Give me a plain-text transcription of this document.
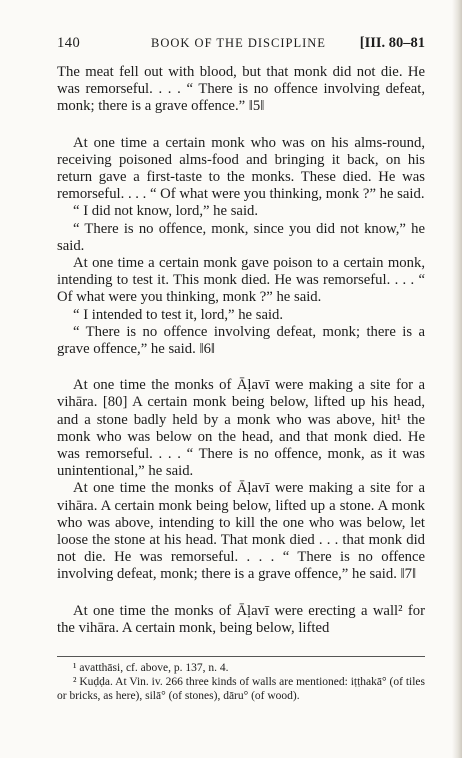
140	BOOK OF THE DISCIPLINE [III. 80–81

The meat fell out with blood, but that monk did not die. He was remorseful. . . . “ There is no offence involving defeat, monk; there is a grave offence.” ‖5‖

At one time a certain monk who was on his alms-round, receiving poisoned alms-food and bringing it back, on his return gave a first-taste to the monks. These died. He was remorseful. . . . “ Of what were you thinking, monk ?” he said.

“ I did not know, lord,” he said.

“ There is no offence, monk, since you did not know,” he said.

At one time a certain monk gave poison to a certain monk, intending to test it. This monk died. He was remorseful. . . . “ Of what were you thinking, monk ?” he said.

“ I intended to test it, lord,” he said.

“ There is no offence involving defeat, monk; there is a grave offence,” he said. ‖6‖

At one time the monks of Āḷavī were making a site for a vihāra. [80] A certain monk being below, lifted up his head, and a stone badly held by a monk who was above, hit¹ the monk who was below on the head, and that monk died. He was remorseful. . . . “ There is no offence, monk, as it was unintentional,” he said.

At one time the monks of Āḷavī were making a site for a vihāra. A certain monk being below, lifted up a stone. A monk who was above, intending to kill the one who was below, let loose the stone at his head. That monk died . . . that monk did not die. He was remorseful. . . . “ There is no offence involving defeat, monk; there is a grave offence,” he said. ‖7‖

At one time the monks of Āḷavī were erecting a wall² for the vihāra. A certain monk, being below, lifted

¹ avatthāsi, cf. above, p. 137, n. 4.

² Kuḍḍa. At Vin. iv. 266 three kinds of walls are mentioned: iṭṭhakā° (of tiles or bricks, as here), silā° (of stones), dāru° (of wood).
